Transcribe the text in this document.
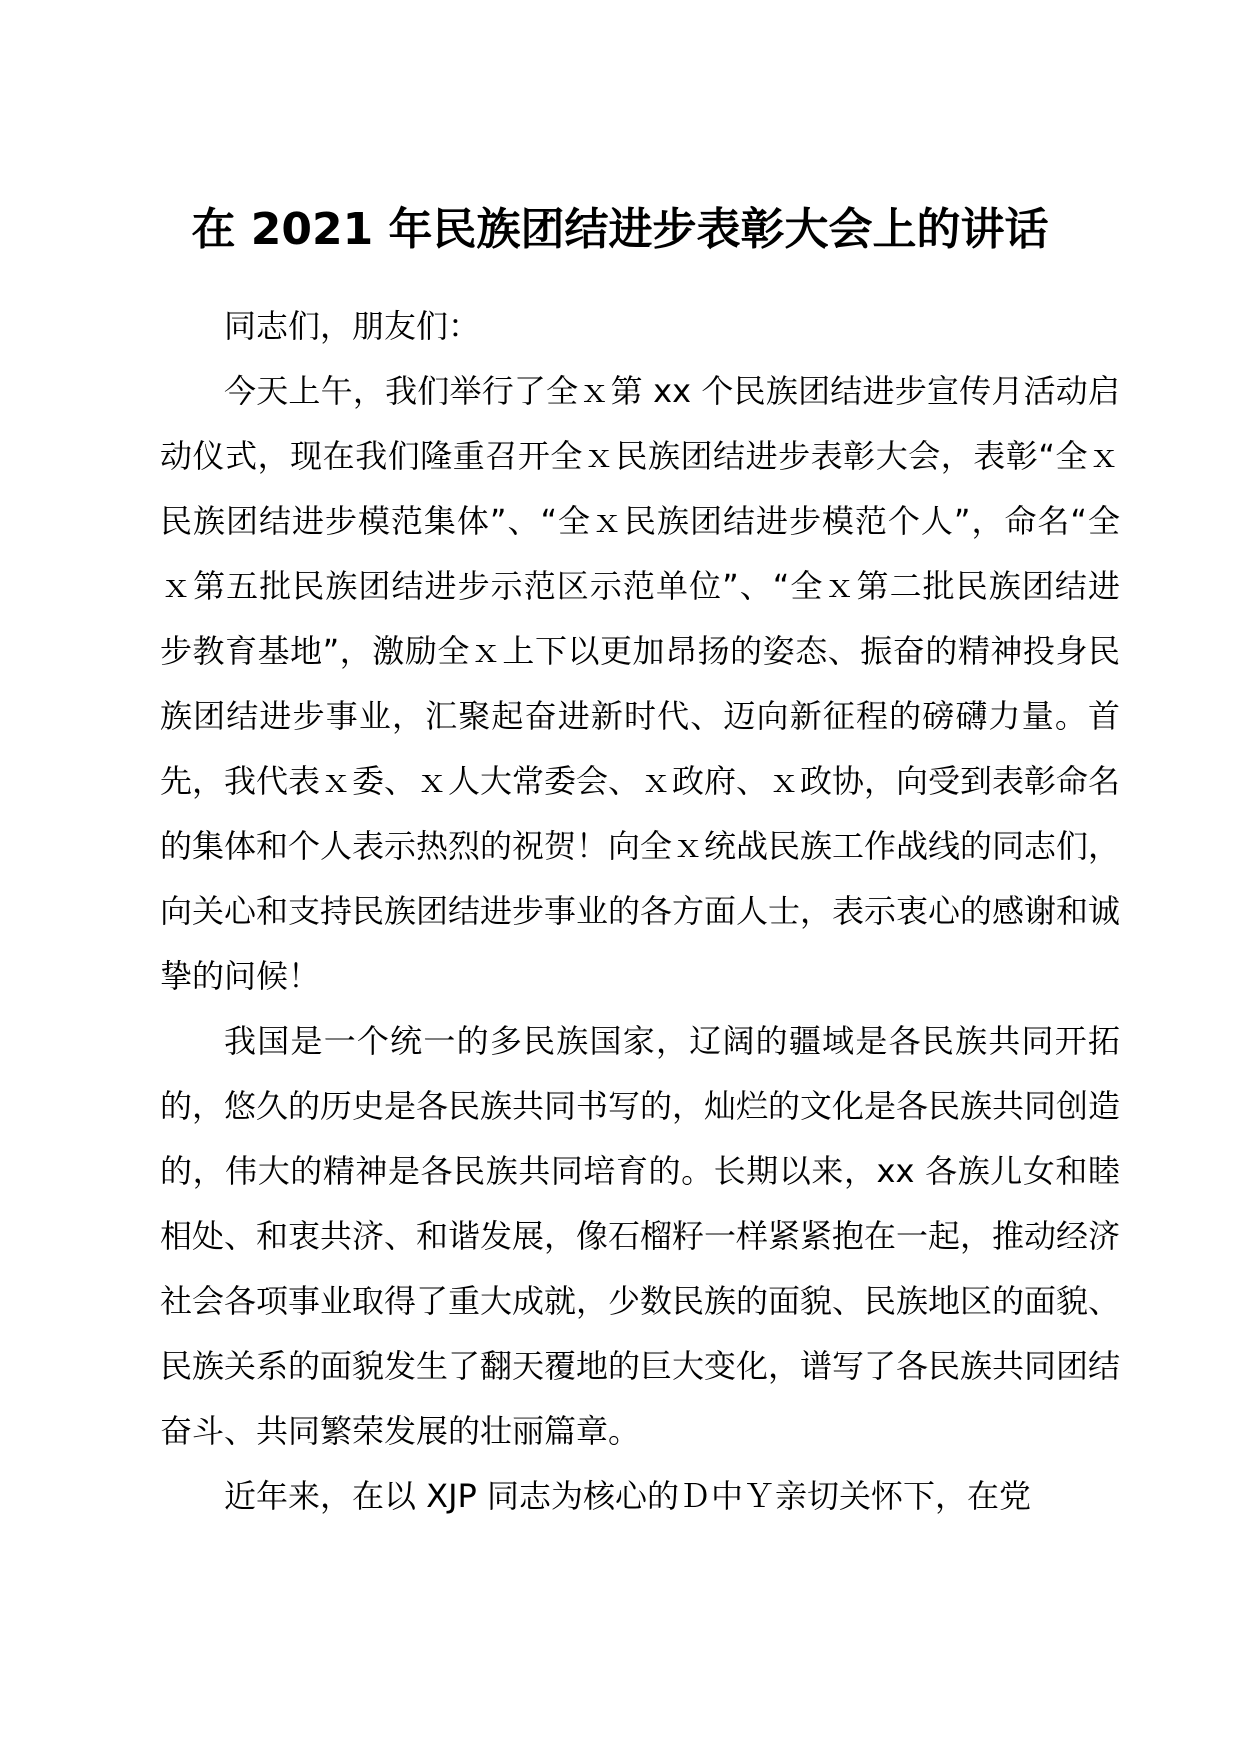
在 2021 年民族团结进步表彰大会上的讲话

同志们，朋友们：

今天上午，我们举行了全ｘ第 xx 个民族团结进步宣传月活动启动仪式，现在我们隆重召开全ｘ民族团结进步表彰大会，表彰“全ｘ民族团结进步模范集体”、“全ｘ民族团结进步模范个人”，命名“全ｘ第五批民族团结进步示范区示范单位”、“全ｘ第二批民族团结进步教育基地”，激励全ｘ上下以更加昂扬的姿态、振奋的精神投身民族团结进步事业，汇聚起奋进新时代、迈向新征程的磅礴力量。首先，我代表ｘ委、ｘ人大常委会、ｘ政府、ｘ政协，向受到表彰命名的集体和个人表示热烈的祝贺！向全ｘ统战民族工作战线的同志们，向关心和支持民族团结进步事业的各方面人士，表示衷心的感谢和诚挚的问候！

我国是一个统一的多民族国家，辽阔的疆域是各民族共同开拓的，悠久的历史是各民族共同书写的，灿烂的文化是各民族共同创造的，伟大的精神是各民族共同培育的。长期以来，xx 各族儿女和睦相处、和衷共济、和谐发展，像石榴籽一样紧紧抱在一起，推动经济社会各项事业取得了重大成就，少数民族的面貌、民族地区的面貌、民族关系的面貌发生了翻天覆地的巨大变化，谱写了各民族共同团结奋斗、共同繁荣发展的壮丽篇章。

近年来，在以 XJP 同志为核心的Ｄ中Ｙ亲切关怀下，在党
